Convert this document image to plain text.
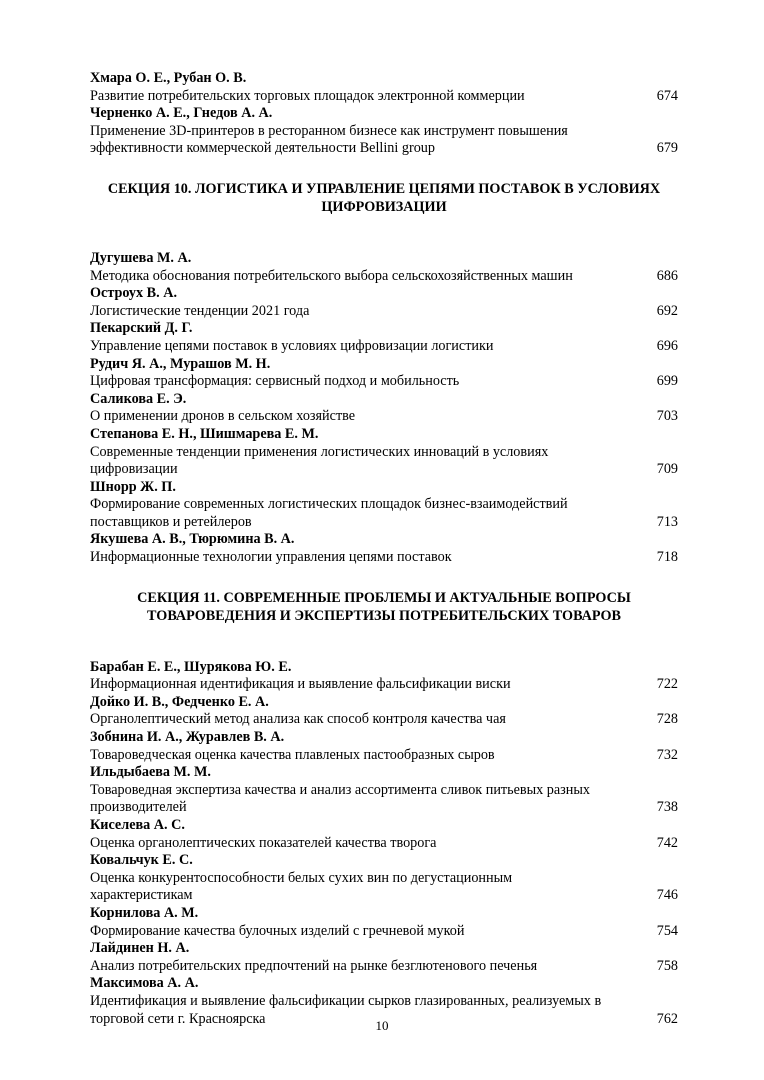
Хмара О. Е., Рубан О. В.
Развитие потребительских торговых площадок электронной коммерции	674
Черненко А. Е., Гнедов А. А.
Применение 3D-принтеров в ресторанном бизнесе как инструмент повышения эффективности коммерческой деятельности Bellini group	679
СЕКЦИЯ 10. ЛОГИСТИКА И УПРАВЛЕНИЕ ЦЕПЯМИ ПОСТАВОК В УСЛОВИЯХ ЦИФРОВИЗАЦИИ
Дугушева М. А.
Методика обоснования потребительского выбора сельскохозяйственных машин	686
Остроух В. А.
Логистические тенденции 2021 года	692
Пекарский Д. Г.
Управление цепями поставок в условиях цифровизации логистики	696
Рудич Я. А., Мурашов М. Н.
Цифровая трансформация: сервисный подход и мобильность	699
Саликова Е. Э.
О применении дронов в сельском хозяйстве	703
Степанова Е. Н., Шишмарева Е. М.
Современные тенденции применения логистических инноваций в условиях цифровизации	709
Шнорр Ж. П.
Формирование современных логистических площадок бизнес-взаимодействий поставщиков и ретейлеров	713
Якушева А. В., Тюрюмина В. А.
Информационные технологии управления цепями поставок	718
СЕКЦИЯ 11. СОВРЕМЕННЫЕ ПРОБЛЕМЫ И АКТУАЛЬНЫЕ ВОПРОСЫ ТОВАРОВЕДЕНИЯ И ЭКСПЕРТИЗЫ ПОТРЕБИТЕЛЬСКИХ ТОВАРОВ
Барабан Е. Е., Шурякова Ю. Е.
Информационная идентификация и выявление фальсификации виски	722
Дойко И. В., Федченко Е. А.
Органолептический метод анализа как способ контроля качества чая	728
Зобнина И. А., Журавлев В. А.
Товароведческая оценка качества плавленых пастообразных сыров	732
Ильдыбаева М. М.
Товароведная экспертиза качества и анализ ассортимента сливок питьевых разных производителей	738
Киселева А. С.
Оценка органолептических показателей качества творога	742
Ковальчук Е. С.
Оценка конкурентоспособности белых сухих вин по дегустационным характеристикам	746
Корнилова А. М.
Формирование качества булочных изделий с гречневой мукой	754
Лайдинен Н. А.
Анализ потребительских предпочтений на рынке безглютенового печенья	758
Максимова А. А.
Идентификация и выявление фальсификации сырков глазированных, реализуемых в торговой сети г. Красноярска	762
10
